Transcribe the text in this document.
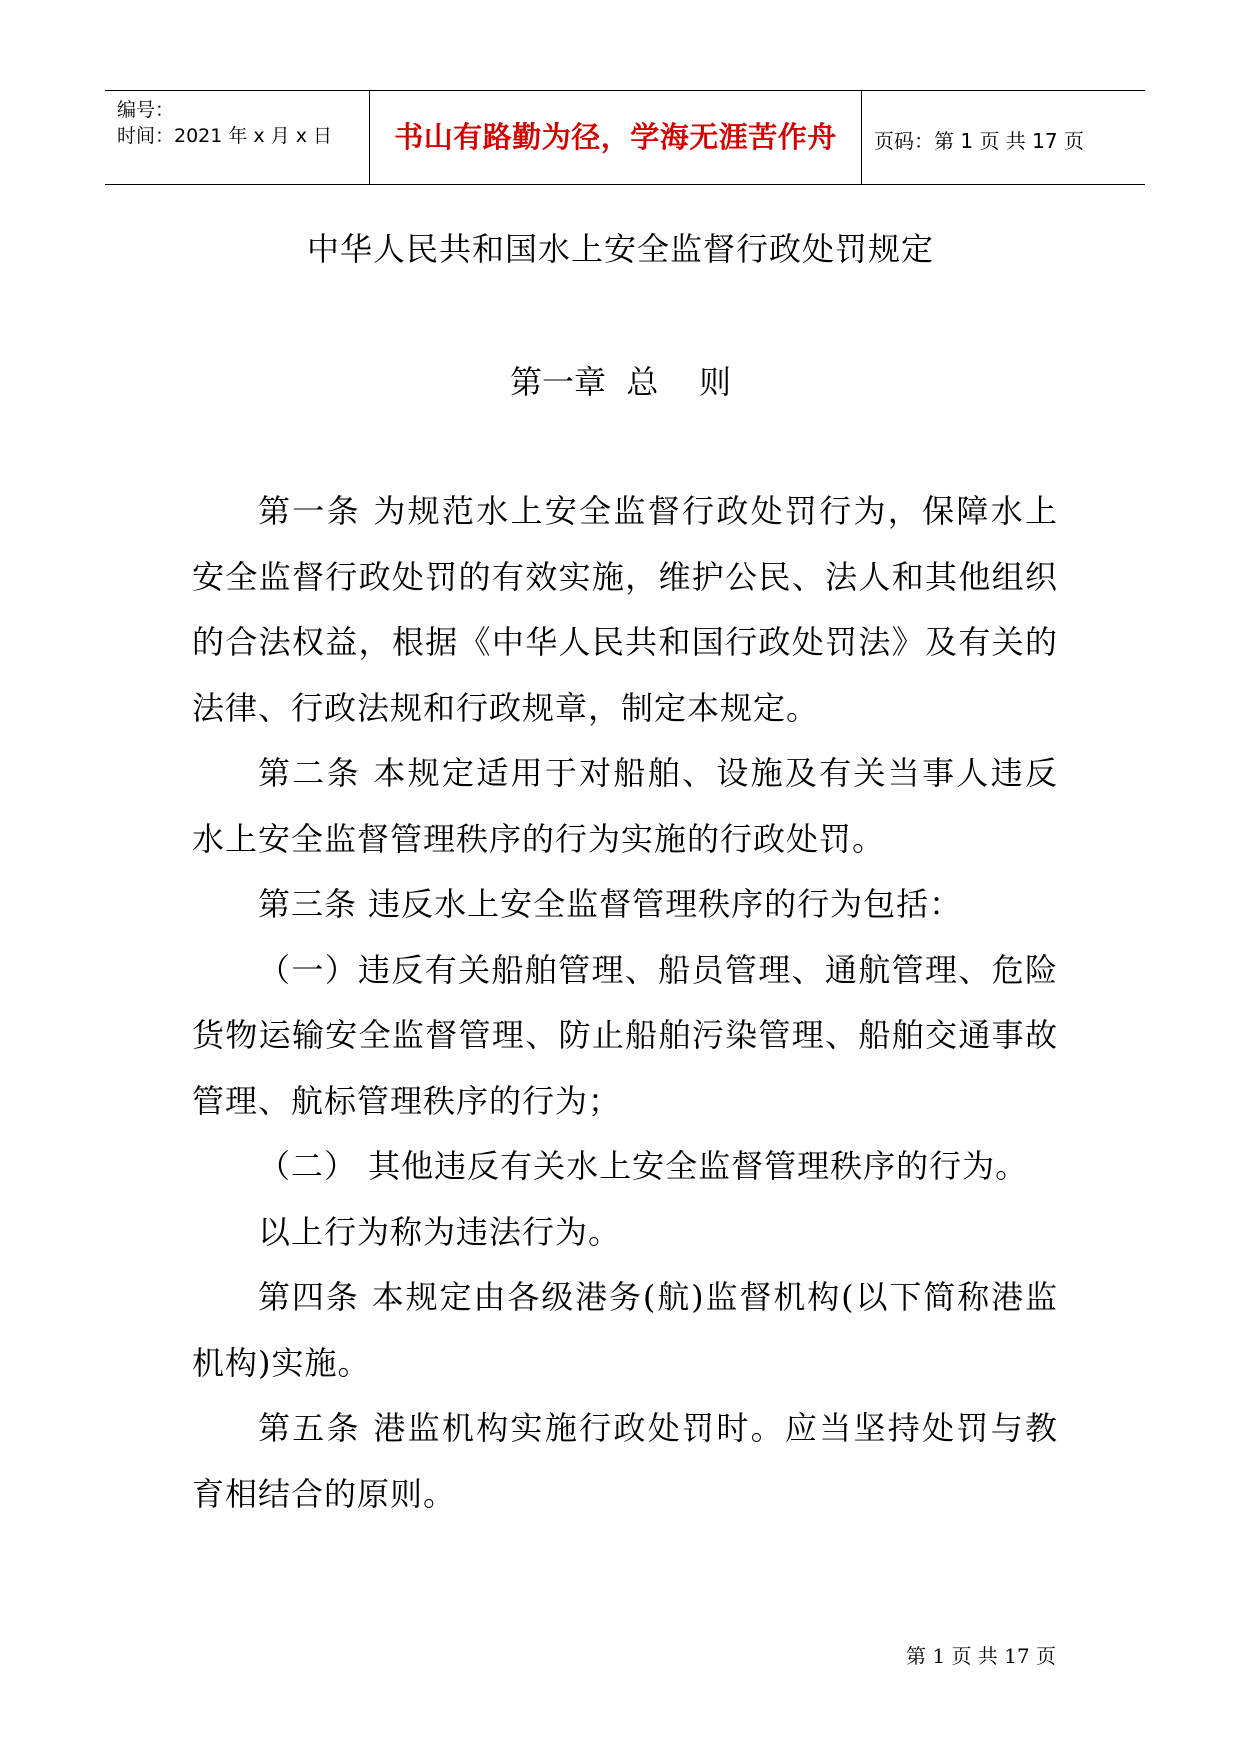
编号：
时间：2021 年 x 月 x 日	书山有路勤为径，学海无涯苦作舟	页码：第 1 页 共 17 页
中华人民共和国水上安全监督行政处罚规定
第一章  总    则

第一条 为规范水上安全监督行政处罚行为，保障水上安全监督行政处罚的有效实施，维护公民、法人和其他组织的合法权益，根据《中华人民共和国行政处罚法》及有关的法律、行政法规和行政规章，制定本规定。

第二条 本规定适用于对船舶、设施及有关当事人违反水上安全监督管理秩序的行为实施的行政处罚。

第三条 违反水上安全监督管理秩序的行为包括：

（一）违反有关船舶管理、船员管理、通航管理、危险货物运输安全监督管理、防止船舶污染管理、船舶交通事故管理、航标管理秩序的行为；

（二） 其他违反有关水上安全监督管理秩序的行为。

以上行为称为违法行为。

第四条 本规定由各级港务(航)监督机构(以下简称港监机构)实施。

第五条 港监机构实施行政处罚时。应当坚持处罚与教育相结合的原则。

第 1 页 共 17 页
